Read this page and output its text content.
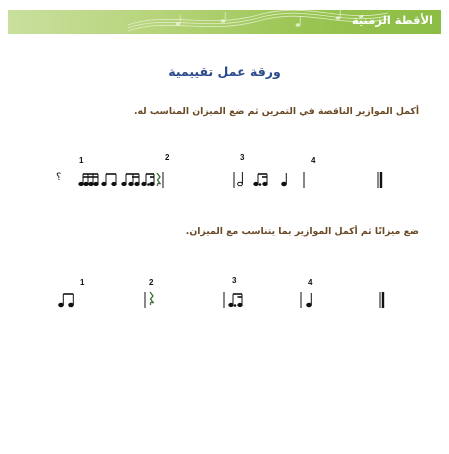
الأقطة الزمنيّة
ورقة عمل تقييمية
أكمل الموازير الناقصة في التمرين ثم ضع الميزان المناسب له.
1	2	3	4
؟
ضع ميزانًا ثم أكمل الموازير بما يتناسب مع الميزان.
1	2	3	4
